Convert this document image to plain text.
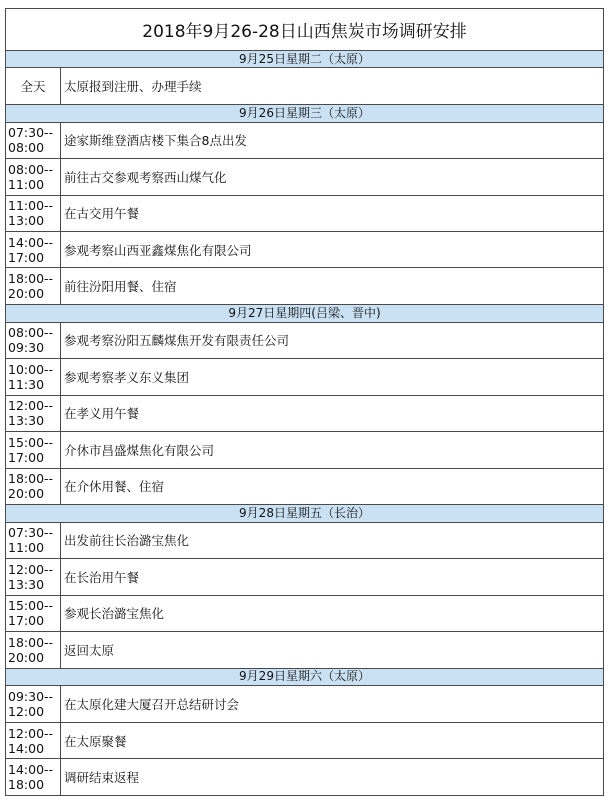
2018年9月26-28日山西焦炭市场调研安排	
9月25日星期二（太原）	

全天	太原报到注册、办理手续
9月26日星期三（太原）	

07:30--
08:00	途家斯维登酒店楼下集合8点出发

08:00--
11:00	前往古交参观考察西山煤气化

11:00--
13:00	在古交用午餐

14:00--
17:00	参观考察山西亚鑫煤焦化有限公司

18:00--
20:00	前往汾阳用餐、住宿
9月27日星期四(吕梁、晋中)	

08:00--
09:30	参观考察汾阳五麟煤焦开发有限责任公司

10:00--
11:30	参观考察孝义东义集团

12:00--
13:30	在孝义用午餐

15:00--
17:00	介休市昌盛煤焦化有限公司

18:00--
20:00	在介休用餐、住宿
9月28日星期五（长治）	

07:30--
11:00	出发前往长治潞宝焦化

12:00--
13:30	在长治用午餐

15:00--
17:00	参观长治潞宝焦化

18:00--
20:00	返回太原
9月29日星期六（太原）	

09:30--
12:00	在太原化建大厦召开总结研讨会

12:00--
14:00	在太原聚餐

14:00--
18:00	调研结束返程
